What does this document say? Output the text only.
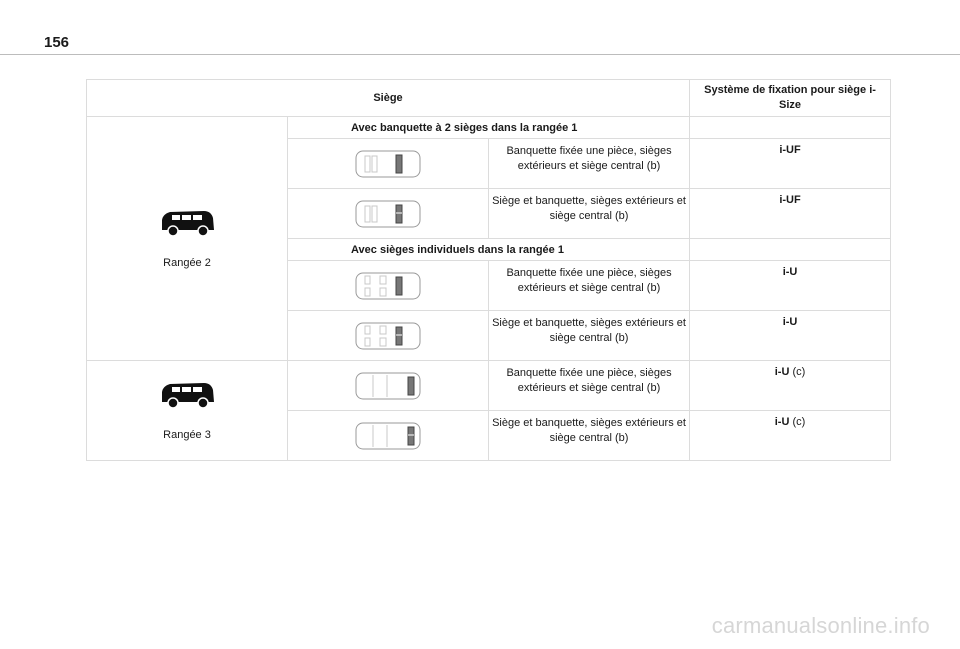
156
Siège			Système de fixation pour siège i-Size

Rangée 2	Avec banquette à 2 sièges dans la rangée 1		

	Banquette fixée une pièce, sièges extérieurs et siège central (b)	i-UF

	Siège et banquette, sièges extérieurs et siège central (b)	i-UF
	Avec sièges individuels dans la rangée 1		

	Banquette fixée une pièce, sièges extérieurs et siège central (b)	i-U

	Siège et banquette, sièges extérieurs et siège central (b)	i-U

Rangée 3		Banquette fixée une pièce, sièges extérieurs et siège central (b)	i-U (c)

	Siège et banquette, sièges extérieurs et siège central (b)	i-U (c)
carmanualsonline.info
